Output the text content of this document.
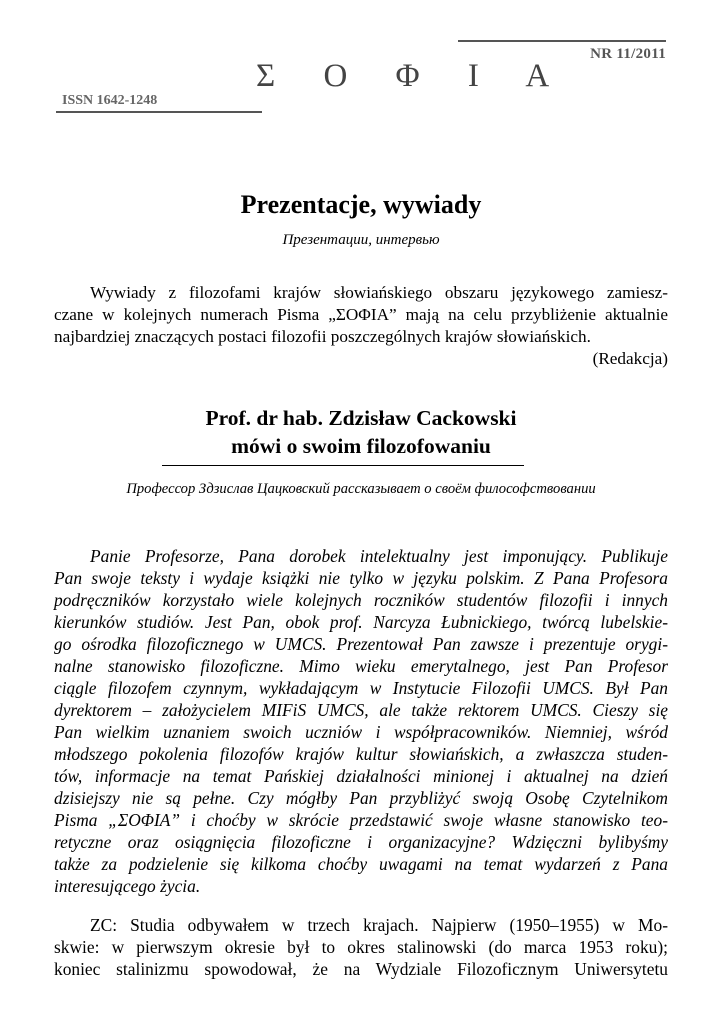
NR 11/2011
Σ Ο Φ Ι Α
ISSN 1642-1248
Prezentacje, wywiady
Презентации, интервью
Wywiady z filozofami krajów słowiańskiego obszaru językowego zamiesz-
czane w kolejnych numerach Pisma „ΣΟΦΙΑ” mają na celu przybliżenie aktualnie
najbardziej znaczących postaci filozofii poszczególnych krajów słowiańskich.
(Redakcja)
Prof. dr hab. Zdzisław Cackowski
mówi o swoim filozofowaniu
Профессор Здзислав Цацковский рассказывает о своём философствовании
Panie Profesorze, Pana dorobek intelektualny jest imponujący. Publikuje
Pan swoje teksty i wydaje książki nie tylko w języku polskim. Z Pana Profesora
podręczników korzystało wiele kolejnych roczników studentów filozofii i innych
kierunków studiów. Jest Pan, obok prof. Narcyza Łubnickiego, twórcą lubelskie-
go ośrodka filozoficznego w UMCS. Prezentował Pan zawsze i prezentuje orygi-
nalne stanowisko filozoficzne. Mimo wieku emerytalnego, jest Pan Profesor
ciągle filozofem czynnym, wykładającym w Instytucie Filozofii UMCS. Był Pan
dyrektorem – założycielem MIFiS UMCS, ale także rektorem UMCS. Cieszy się
Pan wielkim uznaniem swoich uczniów i współpracowników. Niemniej, wśród
młodszego pokolenia filozofów krajów kultur słowiańskich, a zwłaszcza studen-
tów, informacje na temat Pańskiej działalności minionej i aktualnej na dzień
dzisiejszy nie są pełne. Czy mógłby Pan przybliżyć swoją Osobę Czytelnikom
Pisma „ΣΟΦΙΑ” i choćby w skrócie przedstawić swoje własne stanowisko teo-
retyczne oraz osiągnięcia filozoficzne i organizacyjne? Wdzięczni bylibyśmy
także za podzielenie się kilkoma choćby uwagami na temat wydarzeń z Pana
interesującego życia.
ZC: Studia odbywałem w trzech krajach. Najpierw (1950–1955) w Mo-
skwie: w pierwszym okresie był to okres stalinowski (do marca 1953 roku);
koniec stalinizmu spowodował, że na Wydziale Filozoficznym Uniwersytetu
